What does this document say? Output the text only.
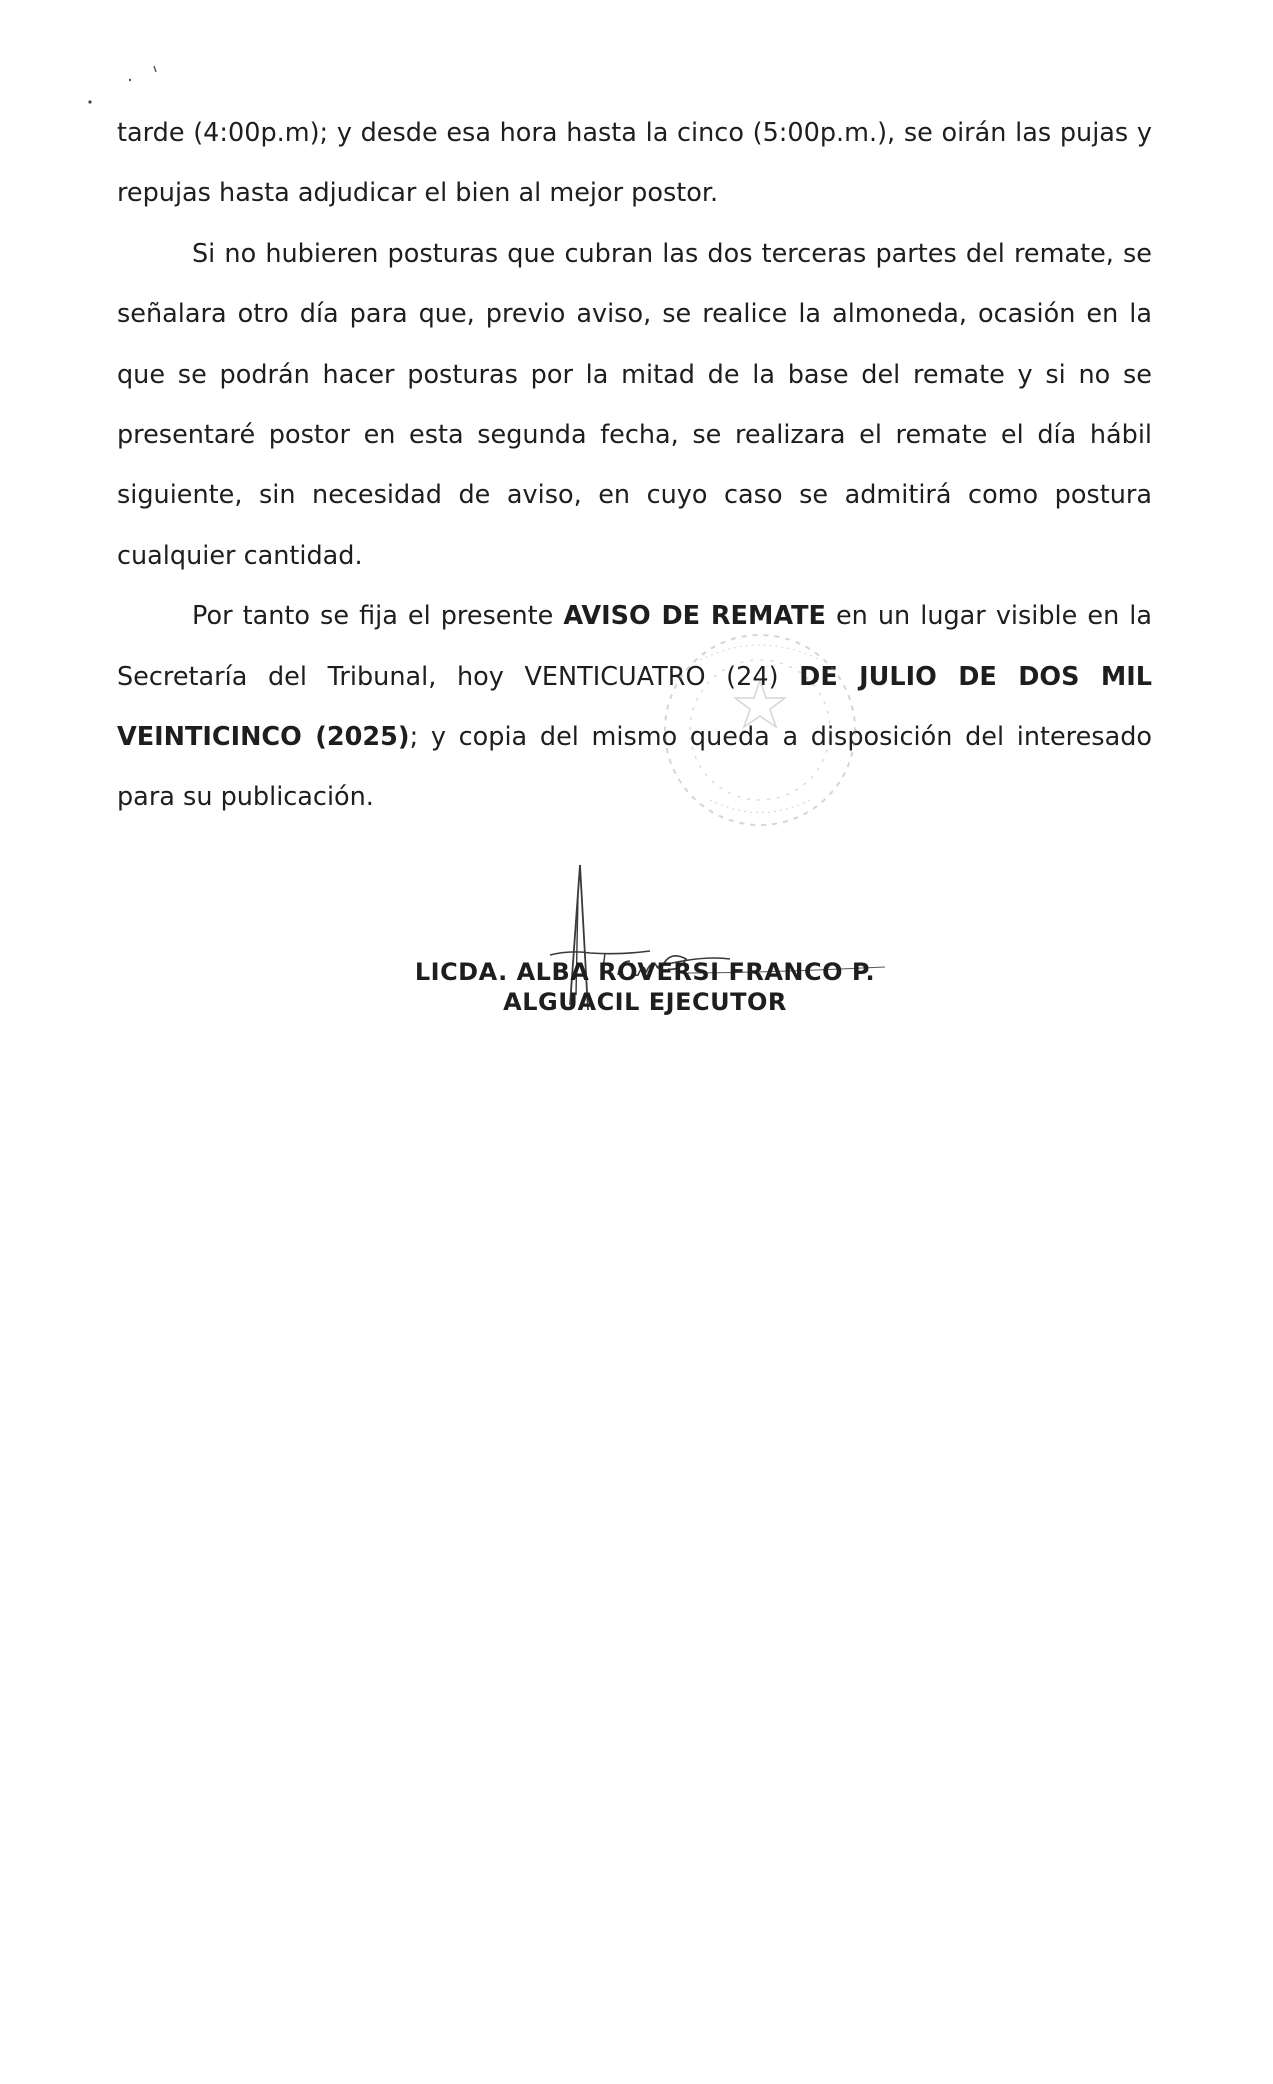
tarde (4:00p.m); y desde esa hora hasta la cinco (5:00p.m.), se oirán las pujas y repujas hasta adjudicar el bien al mejor postor.

Si no hubieren posturas que cubran las dos terceras partes del remate, se señalara otro día para que, previo aviso, se realice la almoneda, ocasión en la que se podrán hacer posturas por la mitad de la base del remate y si no se presentaré postor en esta segunda fecha, se realizara el remate el día hábil siguiente, sin necesidad de aviso, en cuyo caso se admitirá como postura cualquier cantidad.

Por tanto se fija el presente AVISO DE REMATE en un lugar visible en la Secretaría del Tribunal, hoy VENTICUATRO (24) DE JULIO DE DOS MIL VEINTICINCO (2025); y copia del mismo queda a disposición del interesado para su publicación.

LICDA. ALBA ROVERSI FRANCO P.
ALGUACIL EJECUTOR
